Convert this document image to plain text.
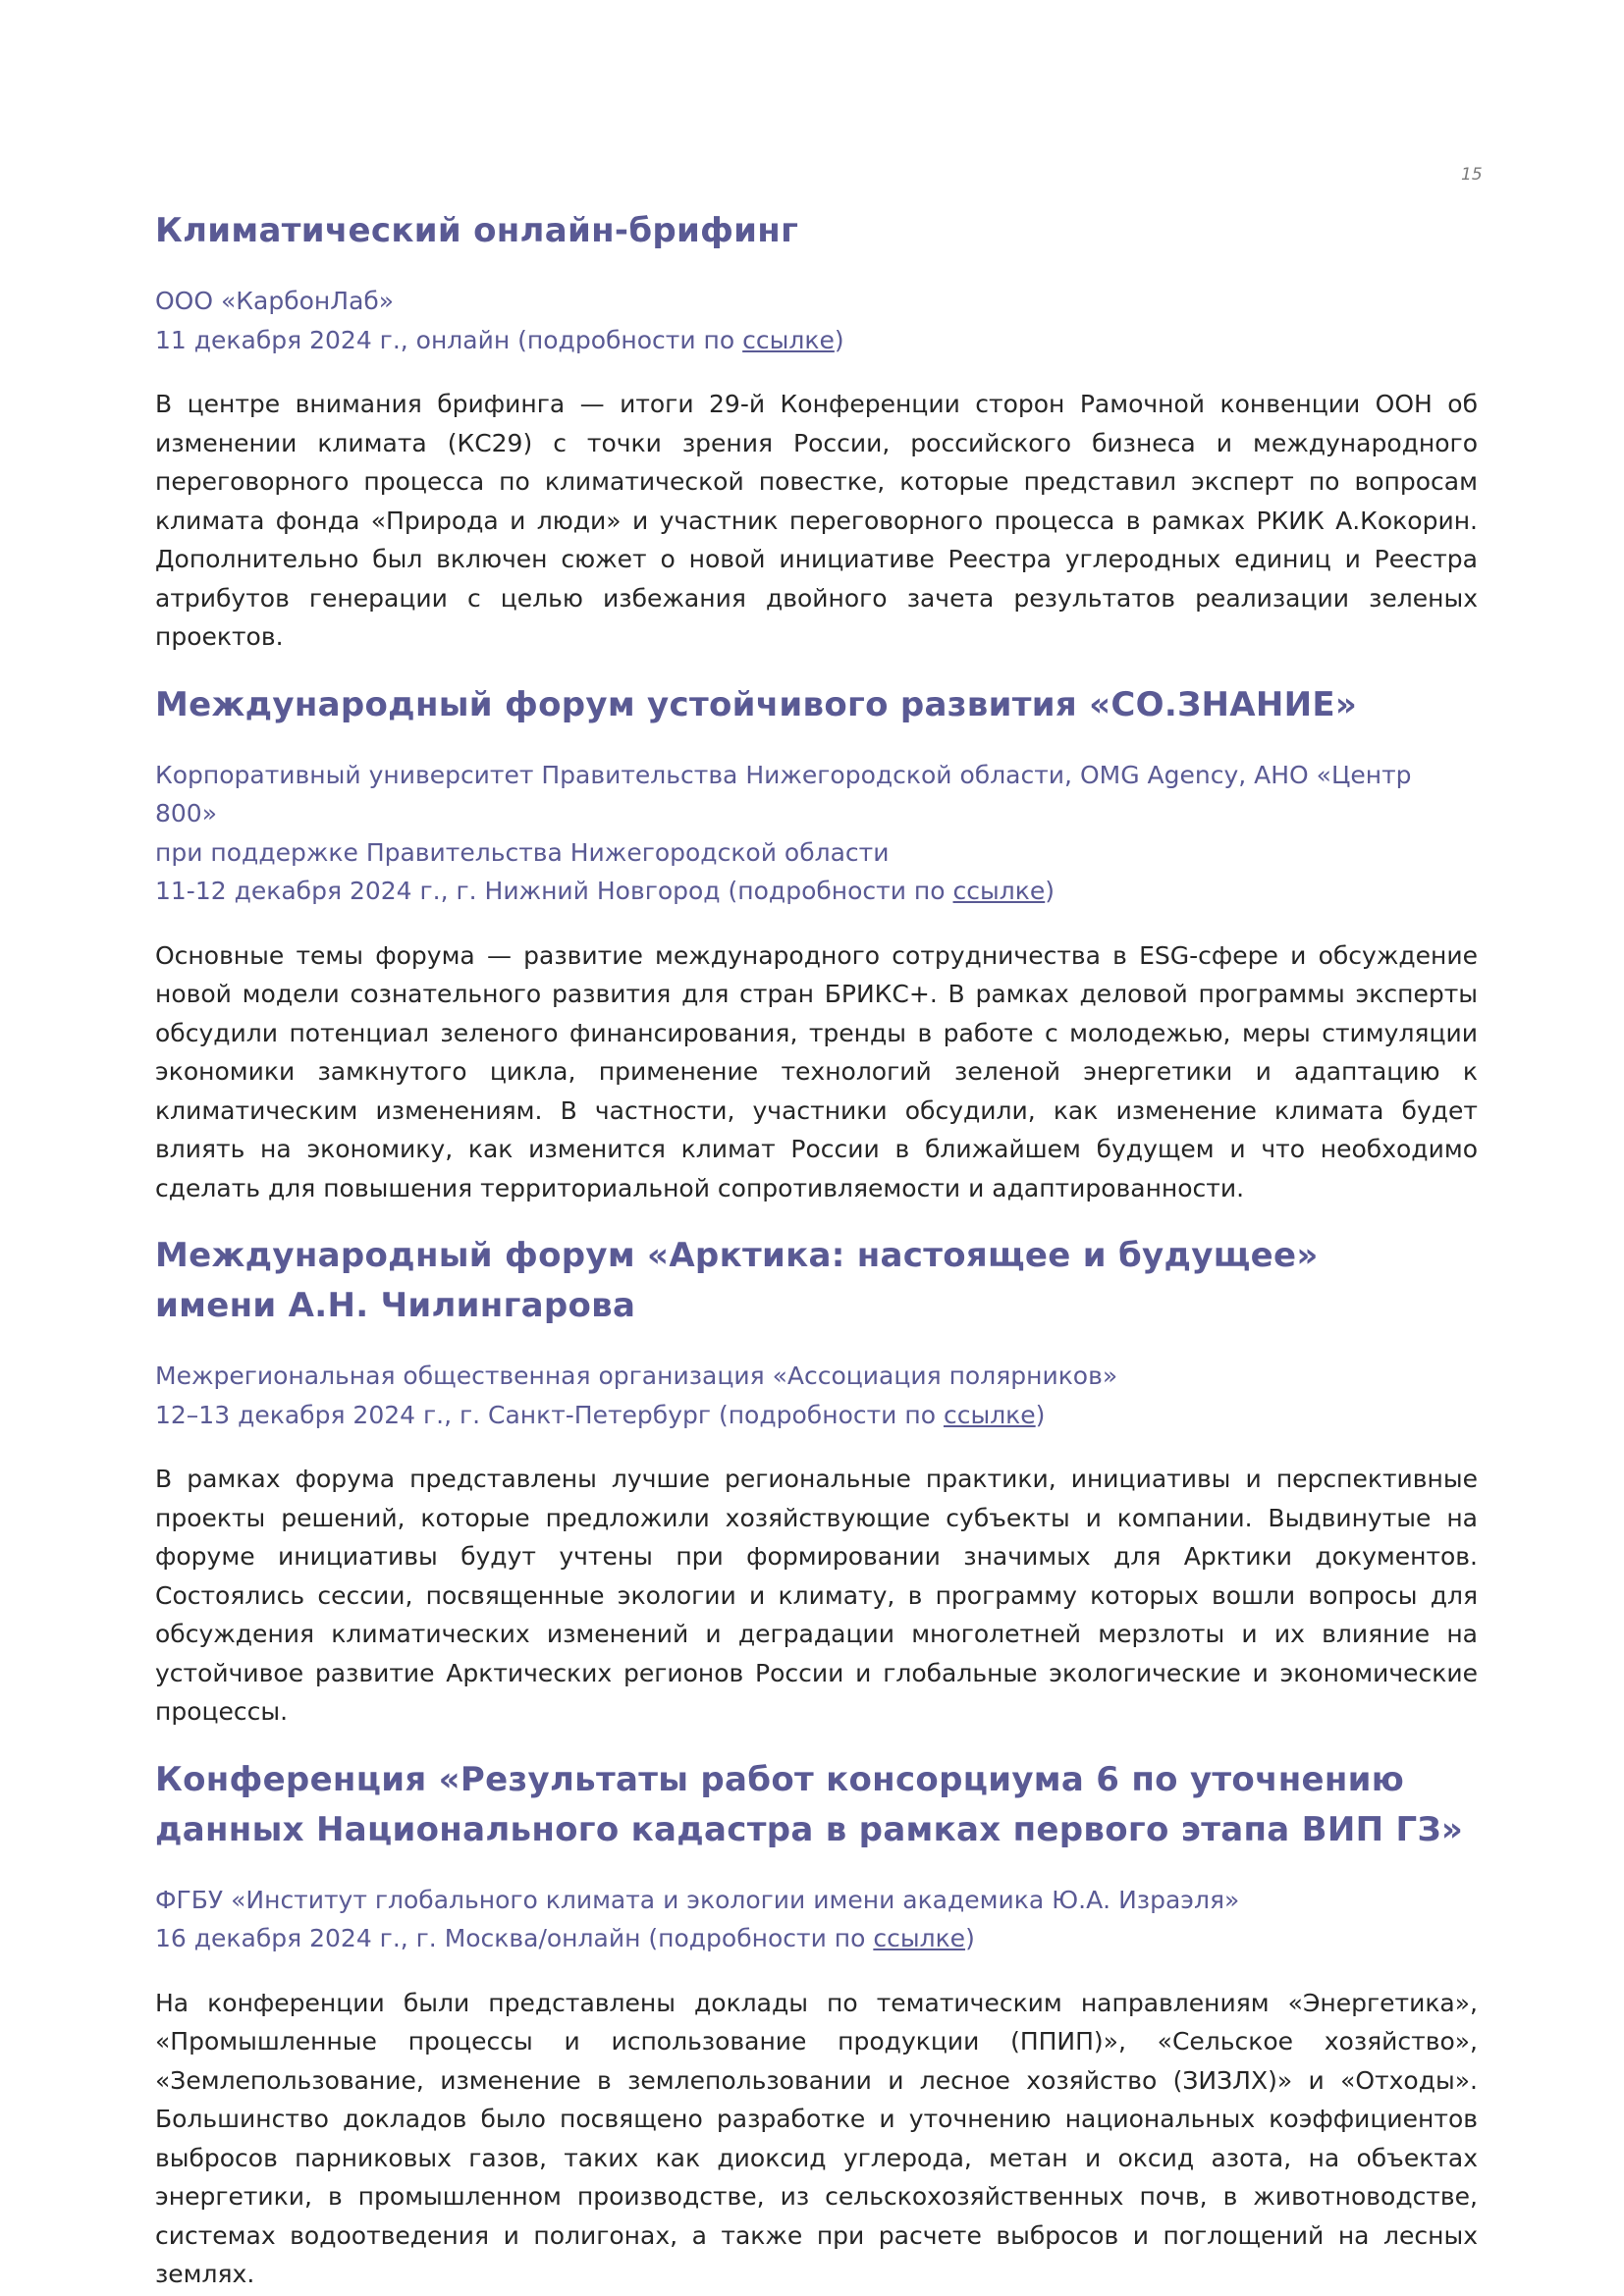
15
Климатический онлайн-брифинг

ООО «КарбонЛаб»

11 декабря 2024 г., онлайн (подробности по ссылке)

В центре внимания брифинга — итоги 29-й Конференции сторон Рамочной конвенции ООН об изменении климата (КС29) с точки зрения России, российского бизнеса и международного переговорного процесса по климатической повестке, которые представил эксперт по вопросам климата фонда «Природа и люди» и участник переговорного процесса в рамках РКИК А.Кокорин. Дополнительно был включен сюжет о новой инициативе Реестра углеродных единиц и Реестра атрибутов генерации с целью избежания двойного зачета результатов реализации зеленых проектов.

Международный форум устойчивого развития «СО.ЗНАНИЕ»

Корпоративный университет Правительства Нижегородской области, OMG Agency, АНО «Центр 800»

при поддержке Правительства Нижегородской области

11-12 декабря 2024 г., г. Нижний Новгород (подробности по ссылке)

Основные темы форума — развитие международного сотрудничества в ESG-сфере и обсуждение новой модели сознательного развития для стран БРИКС+. В рамках деловой программы эксперты обсудили потенциал зеленого финансирования, тренды в работе с молодежью, меры стимуляции экономики замкнутого цикла, применение технологий зеленой энергетики и адаптацию к климатическим изменениям. В частности, участники обсудили, как изменение климата будет влиять на экономику, как изменится климат России в ближайшем будущем и что необходимо сделать для повышения территориальной сопротивляемости и адаптированности.

Международный форум «Арктика: настоящее и будущее»
имени А.Н. Чилингарова

Межрегиональная общественная организация «Ассоциация полярников»

12–13 декабря 2024 г., г. Санкт-Петербург (подробности по ссылке)

В рамках форума представлены лучшие региональные практики, инициативы и перспективные проекты решений, которые предложили хозяйствующие субъекты и компании. Выдвинутые на форуме инициативы будут учтены при формировании значимых для Арктики документов. Состоялись сессии, посвященные экологии и климату, в программу которых вошли вопросы для обсуждения климатических изменений и деградации многолетней мерзлоты и их влияние на устойчивое развитие Арктических регионов России и глобальные экологические и экономические процессы.

Конференция «Результаты работ консорциума 6 по уточнению
данных Национального кадастра в рамках первого этапа ВИП ГЗ»

ФГБУ «Институт глобального климата и экологии имени академика Ю.А. Израэля»

16 декабря 2024 г., г. Москва/онлайн (подробности по ссылке)

На конференции были представлены доклады по тематическим направлениям «Энергетика», «Промышленные процессы и использование продукции (ППИП)», «Сельское хозяйство», «Землепользование, изменение в землепользовании и лесное хозяйство (ЗИЗЛХ)» и «Отходы». Большинство докладов было посвящено разработке и уточнению национальных коэффициентов выбросов парниковых газов, таких как диоксид углерода, метан и оксид азота, на объектах энергетики, в промышленном производстве, из сельскохозяйственных почв, в животноводстве, системах водоотведения и полигонах, а также при расчете выбросов и поглощений на лесных землях.
